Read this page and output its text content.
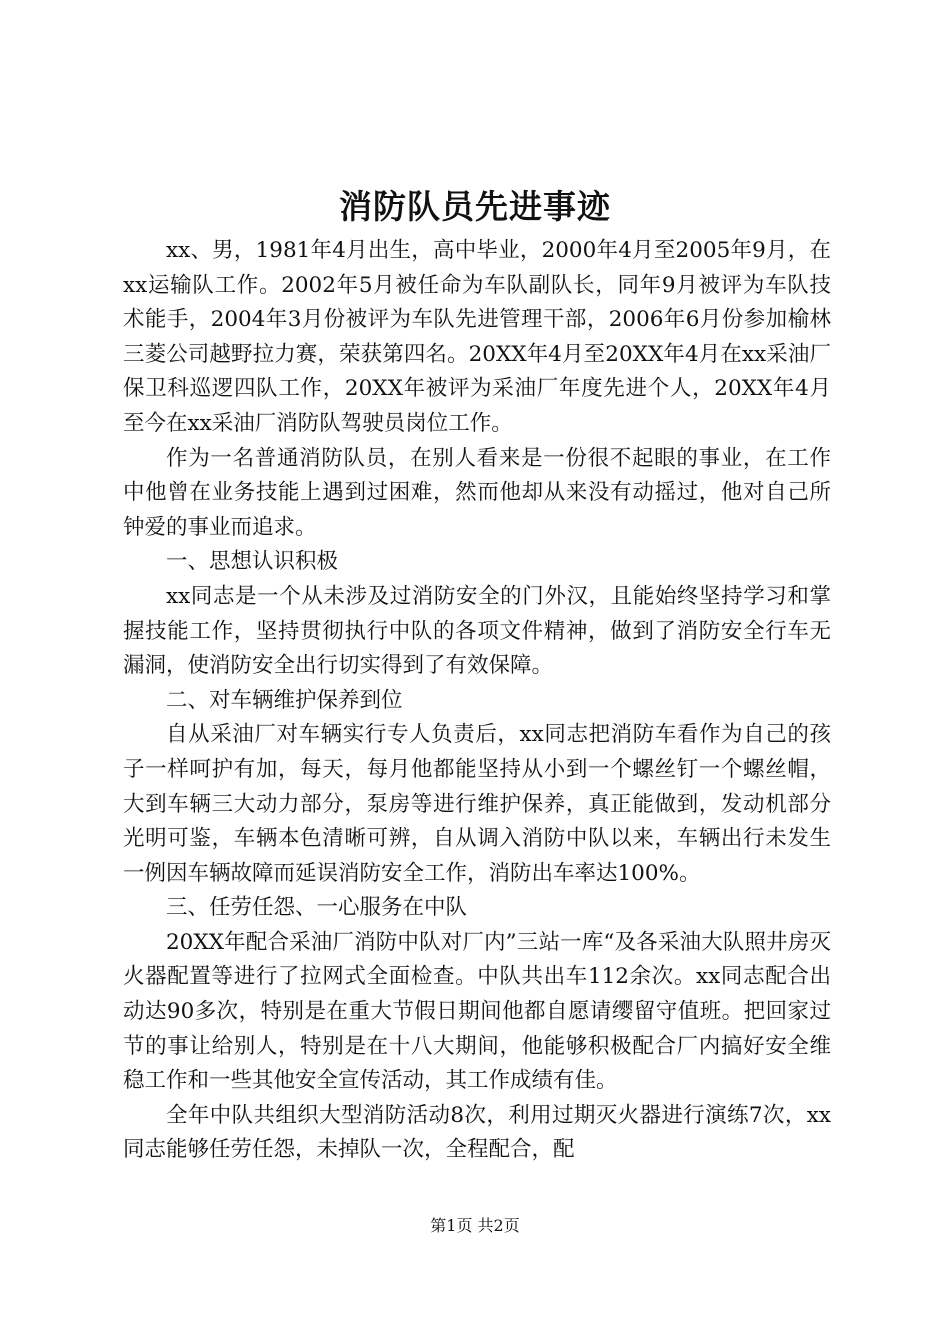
消防队员先进事迹

xx、男，1981年4月出生，高中毕业，2000年4月至2005年9月，在xx运输队工作。2002年5月被任命为车队副队长，同年9月被评为车队技术能手，2004年3月份被评为车队先进管理干部，2006年6月份参加榆林三菱公司越野拉力赛，荣获第四名。20XX年4月至20XX年4月在xx采油厂保卫科巡逻四队工作，20XX年被评为采油厂年度先进个人，20XX年4月至今在xx采油厂消防队驾驶员岗位工作。

作为一名普通消防队员，在别人看来是一份很不起眼的事业，在工作中他曾在业务技能上遇到过困难，然而他却从来没有动摇过，他对自己所钟爱的事业而追求。

一、思想认识积极

xx同志是一个从未涉及过消防安全的门外汉，且能始终坚持学习和掌握技能工作，坚持贯彻执行中队的各项文件精神，做到了消防安全行车无漏洞，使消防安全出行切实得到了有效保障。

二、对车辆维护保养到位

自从采油厂对车辆实行专人负责后，xx同志把消防车看作为自己的孩子一样呵护有加，每天，每月他都能坚持从小到一个螺丝钉一个螺丝帽，大到车辆三大动力部分，泵房等进行维护保养，真正能做到，发动机部分光明可鉴，车辆本色清晰可辨，自从调入消防中队以来，车辆出行未发生一例因车辆故障而延误消防安全工作，消防出车率达100%。

三、任劳任怨、一心服务在中队

20XX年配合采油厂消防中队对厂内”三站一库“及各采油大队照井房灭火器配置等进行了拉网式全面检查。中队共出车112余次。xx同志配合出动达90多次，特别是在重大节假日期间他都自愿请缨留守值班。把回家过节的事让给别人，特别是在十八大期间，他能够积极配合厂内搞好安全维稳工作和一些其他安全宣传活动，其工作成绩有佳。

全年中队共组织大型消防活动8次，利用过期灭火器进行演练7次，xx同志能够任劳任怨，未掉队一次，全程配合，配

第1页 共2页
